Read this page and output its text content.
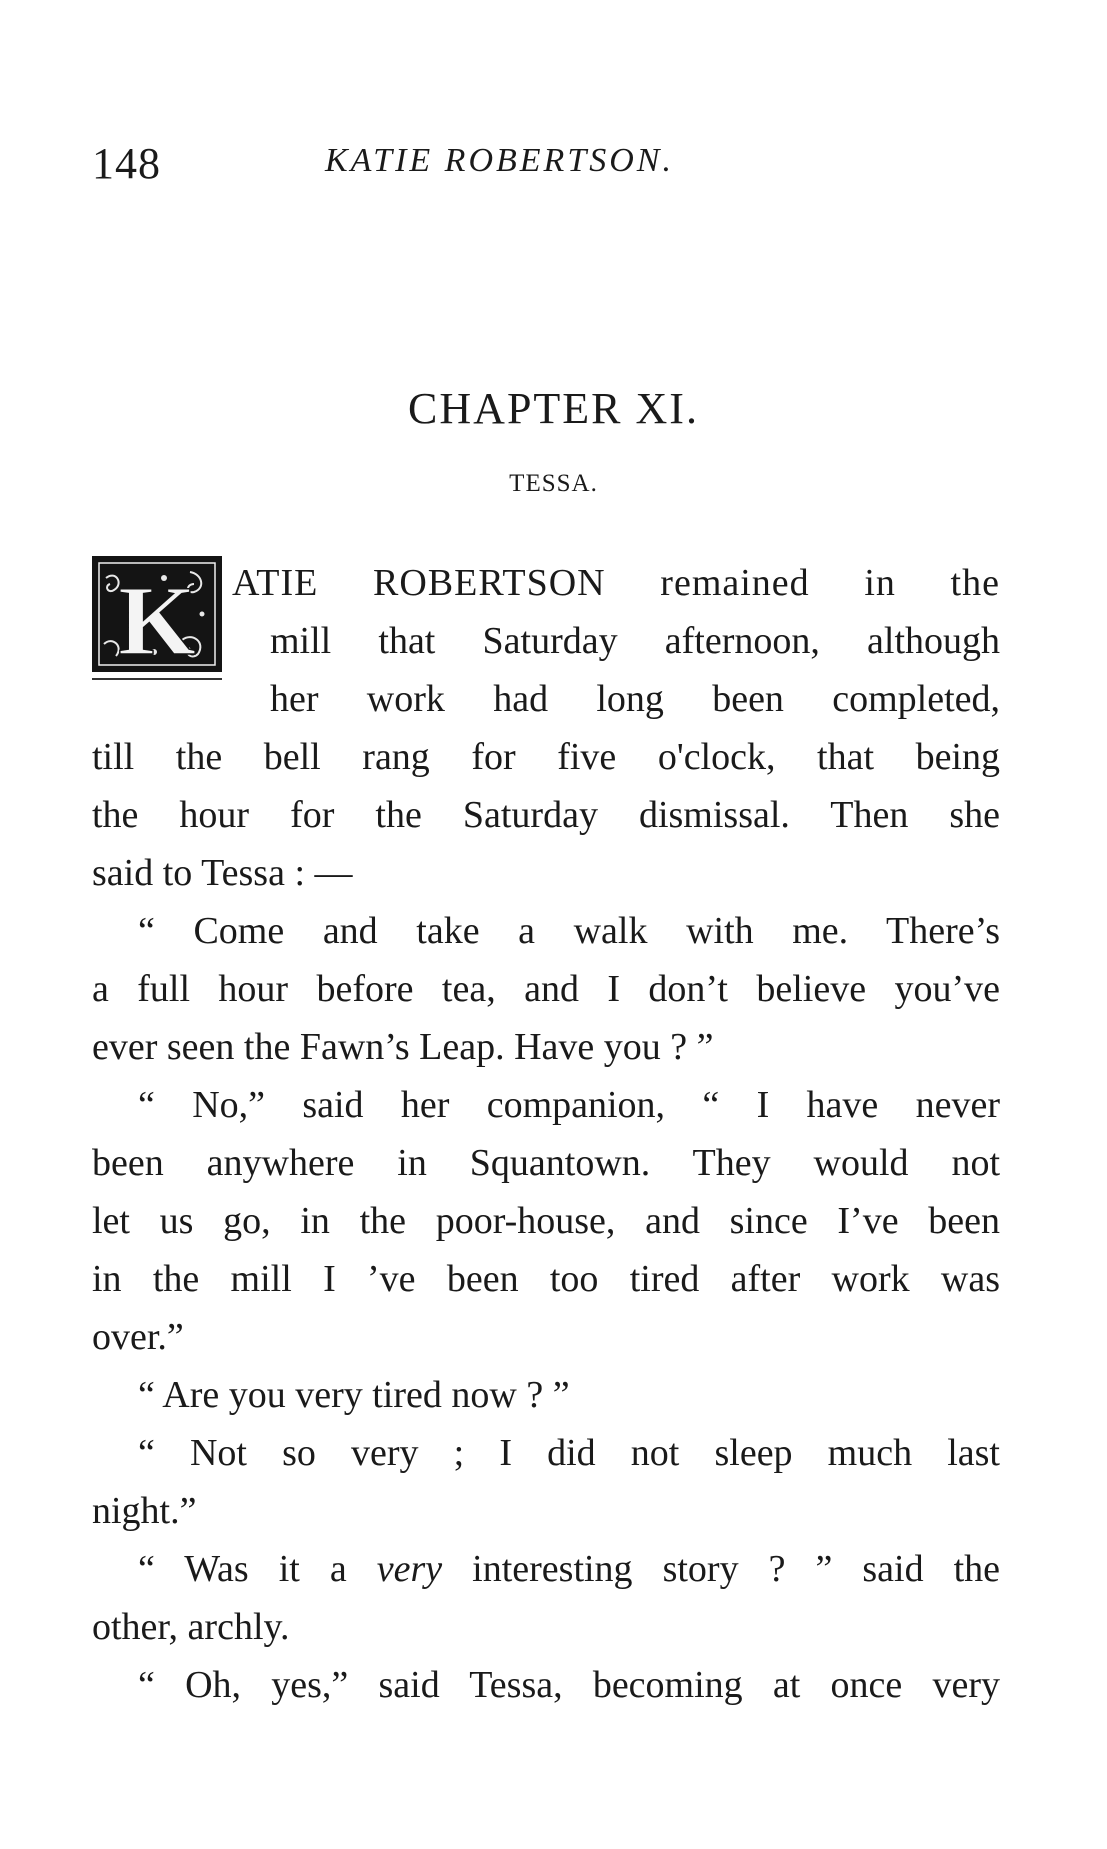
148	KATIE ROBERTSON.
CHAPTER XI.
TESSA.
K ATIE ROBERTSON remained in the
mill that Saturday afternoon, although
her work had long been completed,
till the bell rang for five o'clock, that being
the hour for the Saturday dismissal. Then she
said to Tessa : —
“ Come and take a walk with me. There’s
a full hour before tea, and I don’t believe you’ve
ever seen the Fawn’s Leap. Have you ? ”
“ No,” said her companion, “ I have never
been anywhere in Squantown. They would not
let us go, in the poor-house, and since I’ve been
in the mill I ’ve been too tired after work was
over.”
“ Are you very tired now ? ”
“ Not so very ; I did not sleep much last
night.”
“ Was it a very interesting story ? ” said the
other, archly.
“ Oh, yes,” said Tessa, becoming at once very
